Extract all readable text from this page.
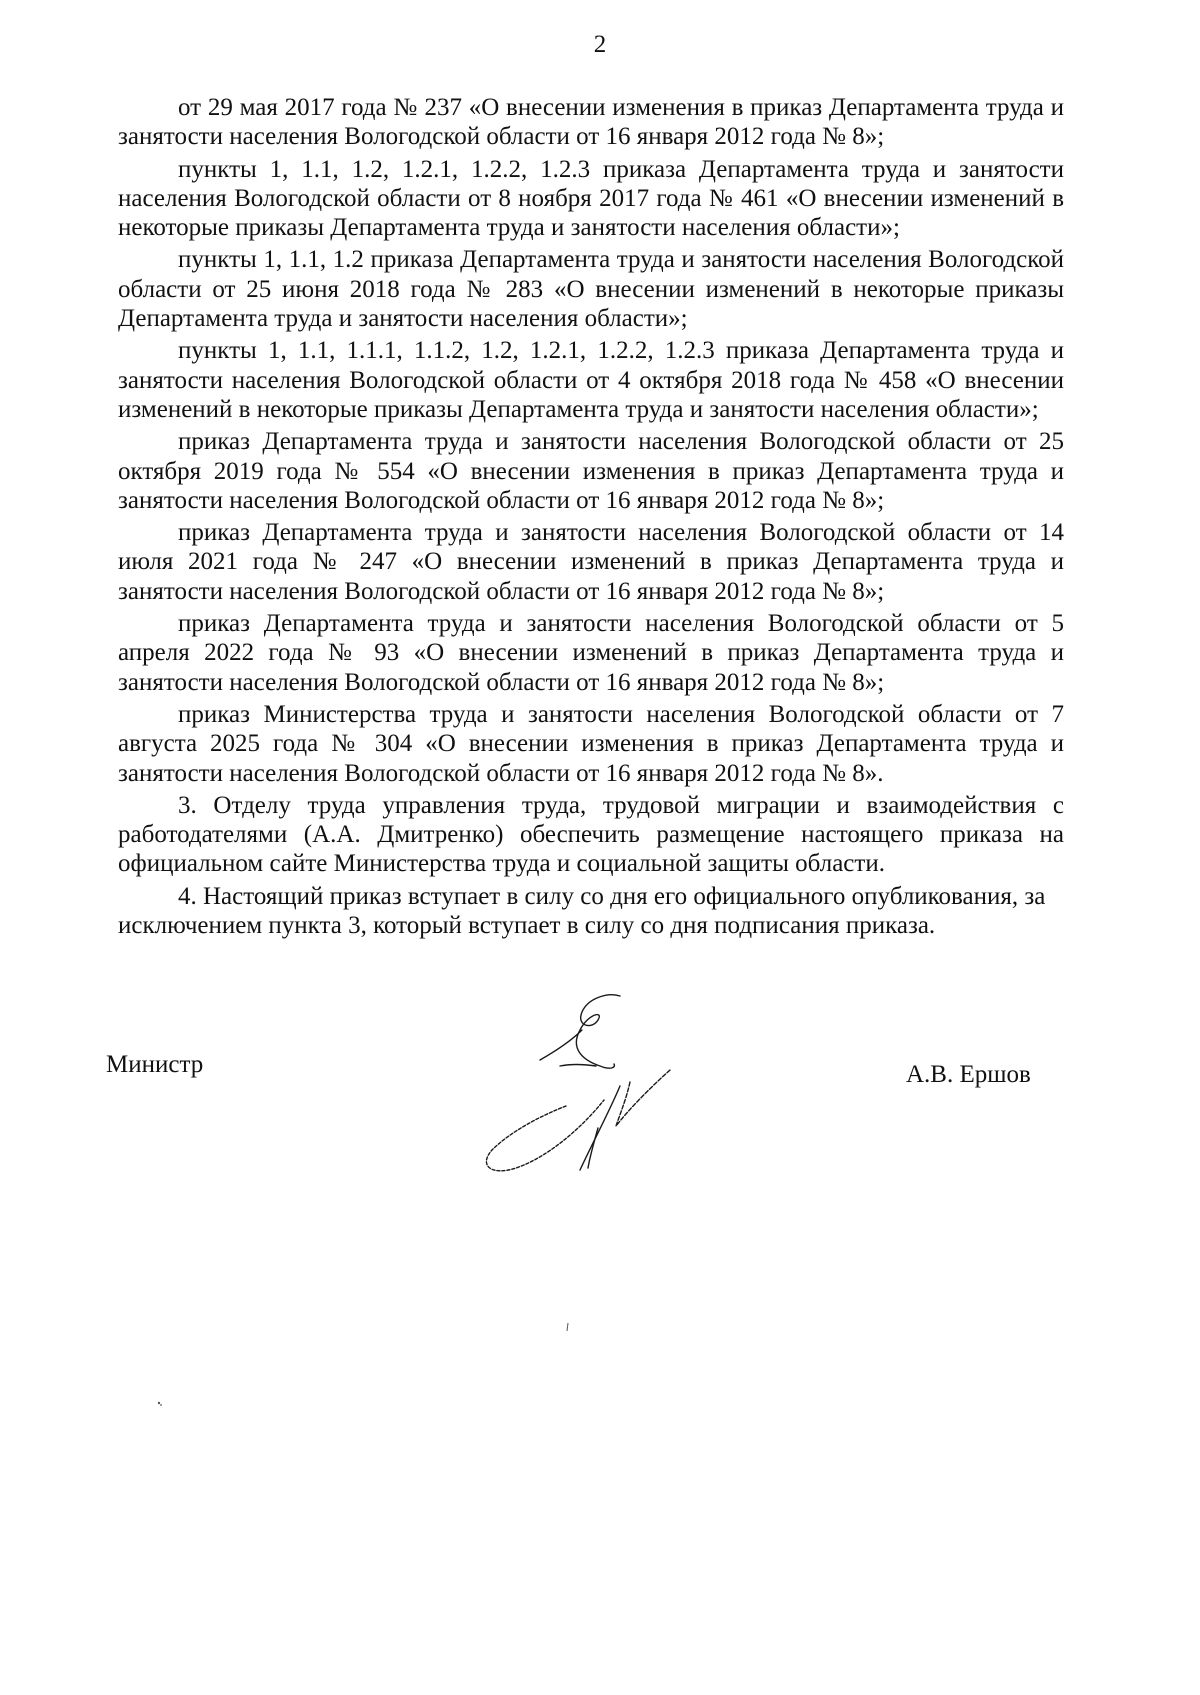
2

от 29 мая 2017 года № 237 «О внесении изменения в приказ Департамента труда и занятости населения Вологодской области от 16 января 2012 года № 8»;

пункты 1, 1.1, 1.2, 1.2.1, 1.2.2, 1.2.3 приказа Департамента труда и занятости населения Вологодской области от 8 ноября 2017 года № 461 «О внесении изменений в некоторые приказы Департамента труда и занятости населения области»;

пункты 1, 1.1, 1.2 приказа Департамента труда и занятости населения Вологодской области от 25 июня 2018 года № 283 «О внесении изменений в некоторые приказы Департамента труда и занятости населения области»;

пункты 1, 1.1, 1.1.1, 1.1.2, 1.2, 1.2.1, 1.2.2, 1.2.3 приказа Департамента труда и занятости населения Вологодской области от 4 октября 2018 года № 458 «О внесении изменений в некоторые приказы Департамента труда и занятости населения области»;

приказ Департамента труда и занятости населения Вологодской области от 25 октября 2019 года № 554 «О внесении изменения в приказ Департамента труда и занятости населения Вологодской области от 16 января 2012 года № 8»;

приказ Департамента труда и занятости населения Вологодской области от 14 июля 2021 года № 247 «О внесении изменений в приказ Департамента труда и занятости населения Вологодской области от 16 января 2012 года № 8»;

приказ Департамента труда и занятости населения Вологодской области от 5 апреля 2022 года № 93 «О внесении изменений в приказ Департамента труда и занятости населения Вологодской области от 16 января 2012 года № 8»;

приказ Министерства труда и занятости населения Вологодской области от 7 августа 2025 года № 304 «О внесении изменения в приказ Департамента труда и занятости населения Вологодской области от 16 января 2012 года № 8».

3. Отделу труда управления труда, трудовой миграции и взаимодействия с работодателями (А.А. Дмитренко) обеспечить размещение настоящего приказа на официальном сайте Министерства труда и социальной защиты области.

4. Настоящий приказ вступает в силу со дня его официального опубликования, за исключением пункта 3, который вступает в силу со дня подписания приказа.

Министр	А.В. Ершов
